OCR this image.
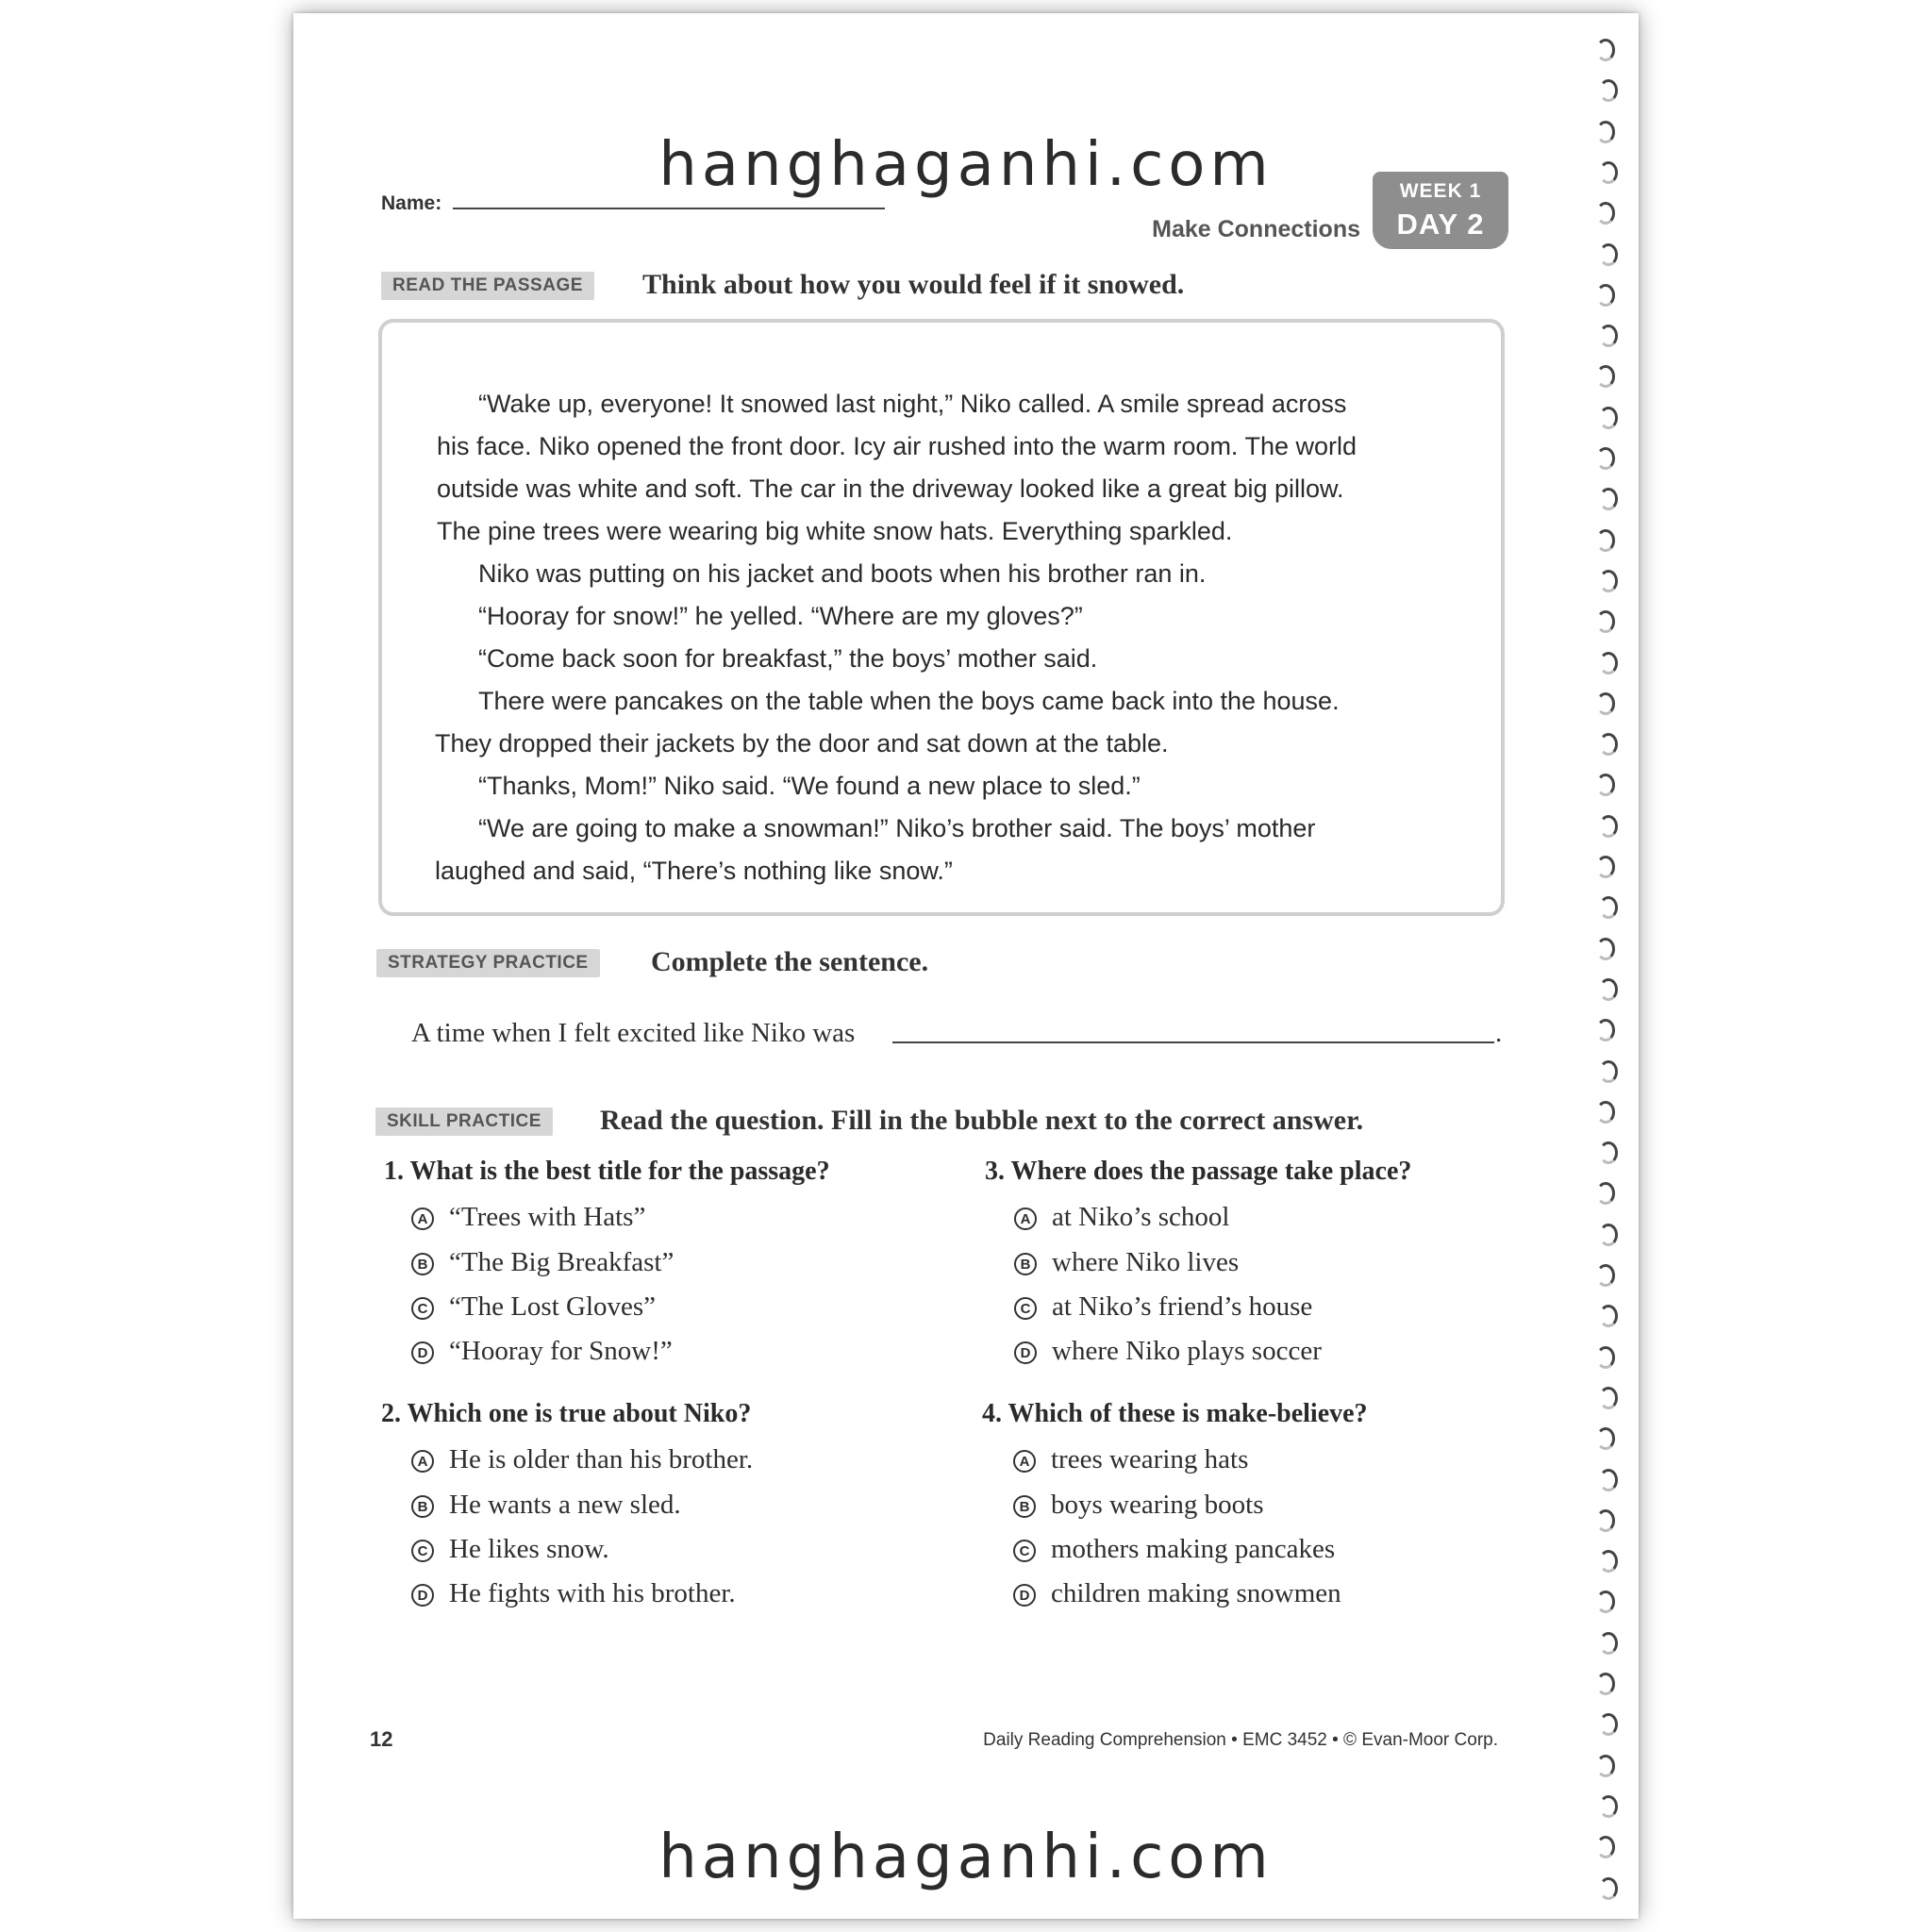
hanghaganhi.com
Name:
Make Connections
WEEK 1
DAY 2
READ THE PASSAGE	Think about how you would feel if it snowed.
“Wake up, everyone! It snowed last night,” Niko called. A smile spread across
his face. Niko opened the front door. Icy air rushed into the warm room. The world
outside was white and soft. The car in the driveway looked like a great big pillow.
The pine trees were wearing big white snow hats. Everything sparkled.
Niko was putting on his jacket and boots when his brother ran in.
“Hooray for snow!” he yelled. “Where are my gloves?”
“Come back soon for breakfast,” the boys’ mother said.
There were pancakes on the table when the boys came back into the house.
They dropped their jackets by the door and sat down at the table.
“Thanks, Mom!” Niko said. “We found a new place to sled.”
“We are going to make a snowman!” Niko’s brother said. The boys’ mother
laughed and said, “There’s nothing like snow.”
STRATEGY PRACTICE	Complete the sentence.
A time when I felt excited like Niko was	.
SKILL PRACTICE	Read the question. Fill in the bubble next to the correct answer.
1. What is the best title for the passage?
A “Trees with Hats”
B “The Big Breakfast”
C “The Lost Gloves”
D “Hooray for Snow!”
2. Which one is true about Niko?
A He is older than his brother.
B He wants a new sled.
C He likes snow.
D He fights with his brother.
3. Where does the passage take place?
A at Niko’s school
B where Niko lives
C at Niko’s friend’s house
D where Niko plays soccer
4. Which of these is make-believe?
A trees wearing hats
B boys wearing boots
C mothers making pancakes
D children making snowmen
12	Daily Reading Comprehension • EMC 3452 • © Evan-Moor Corp.
hanghaganhi.com
